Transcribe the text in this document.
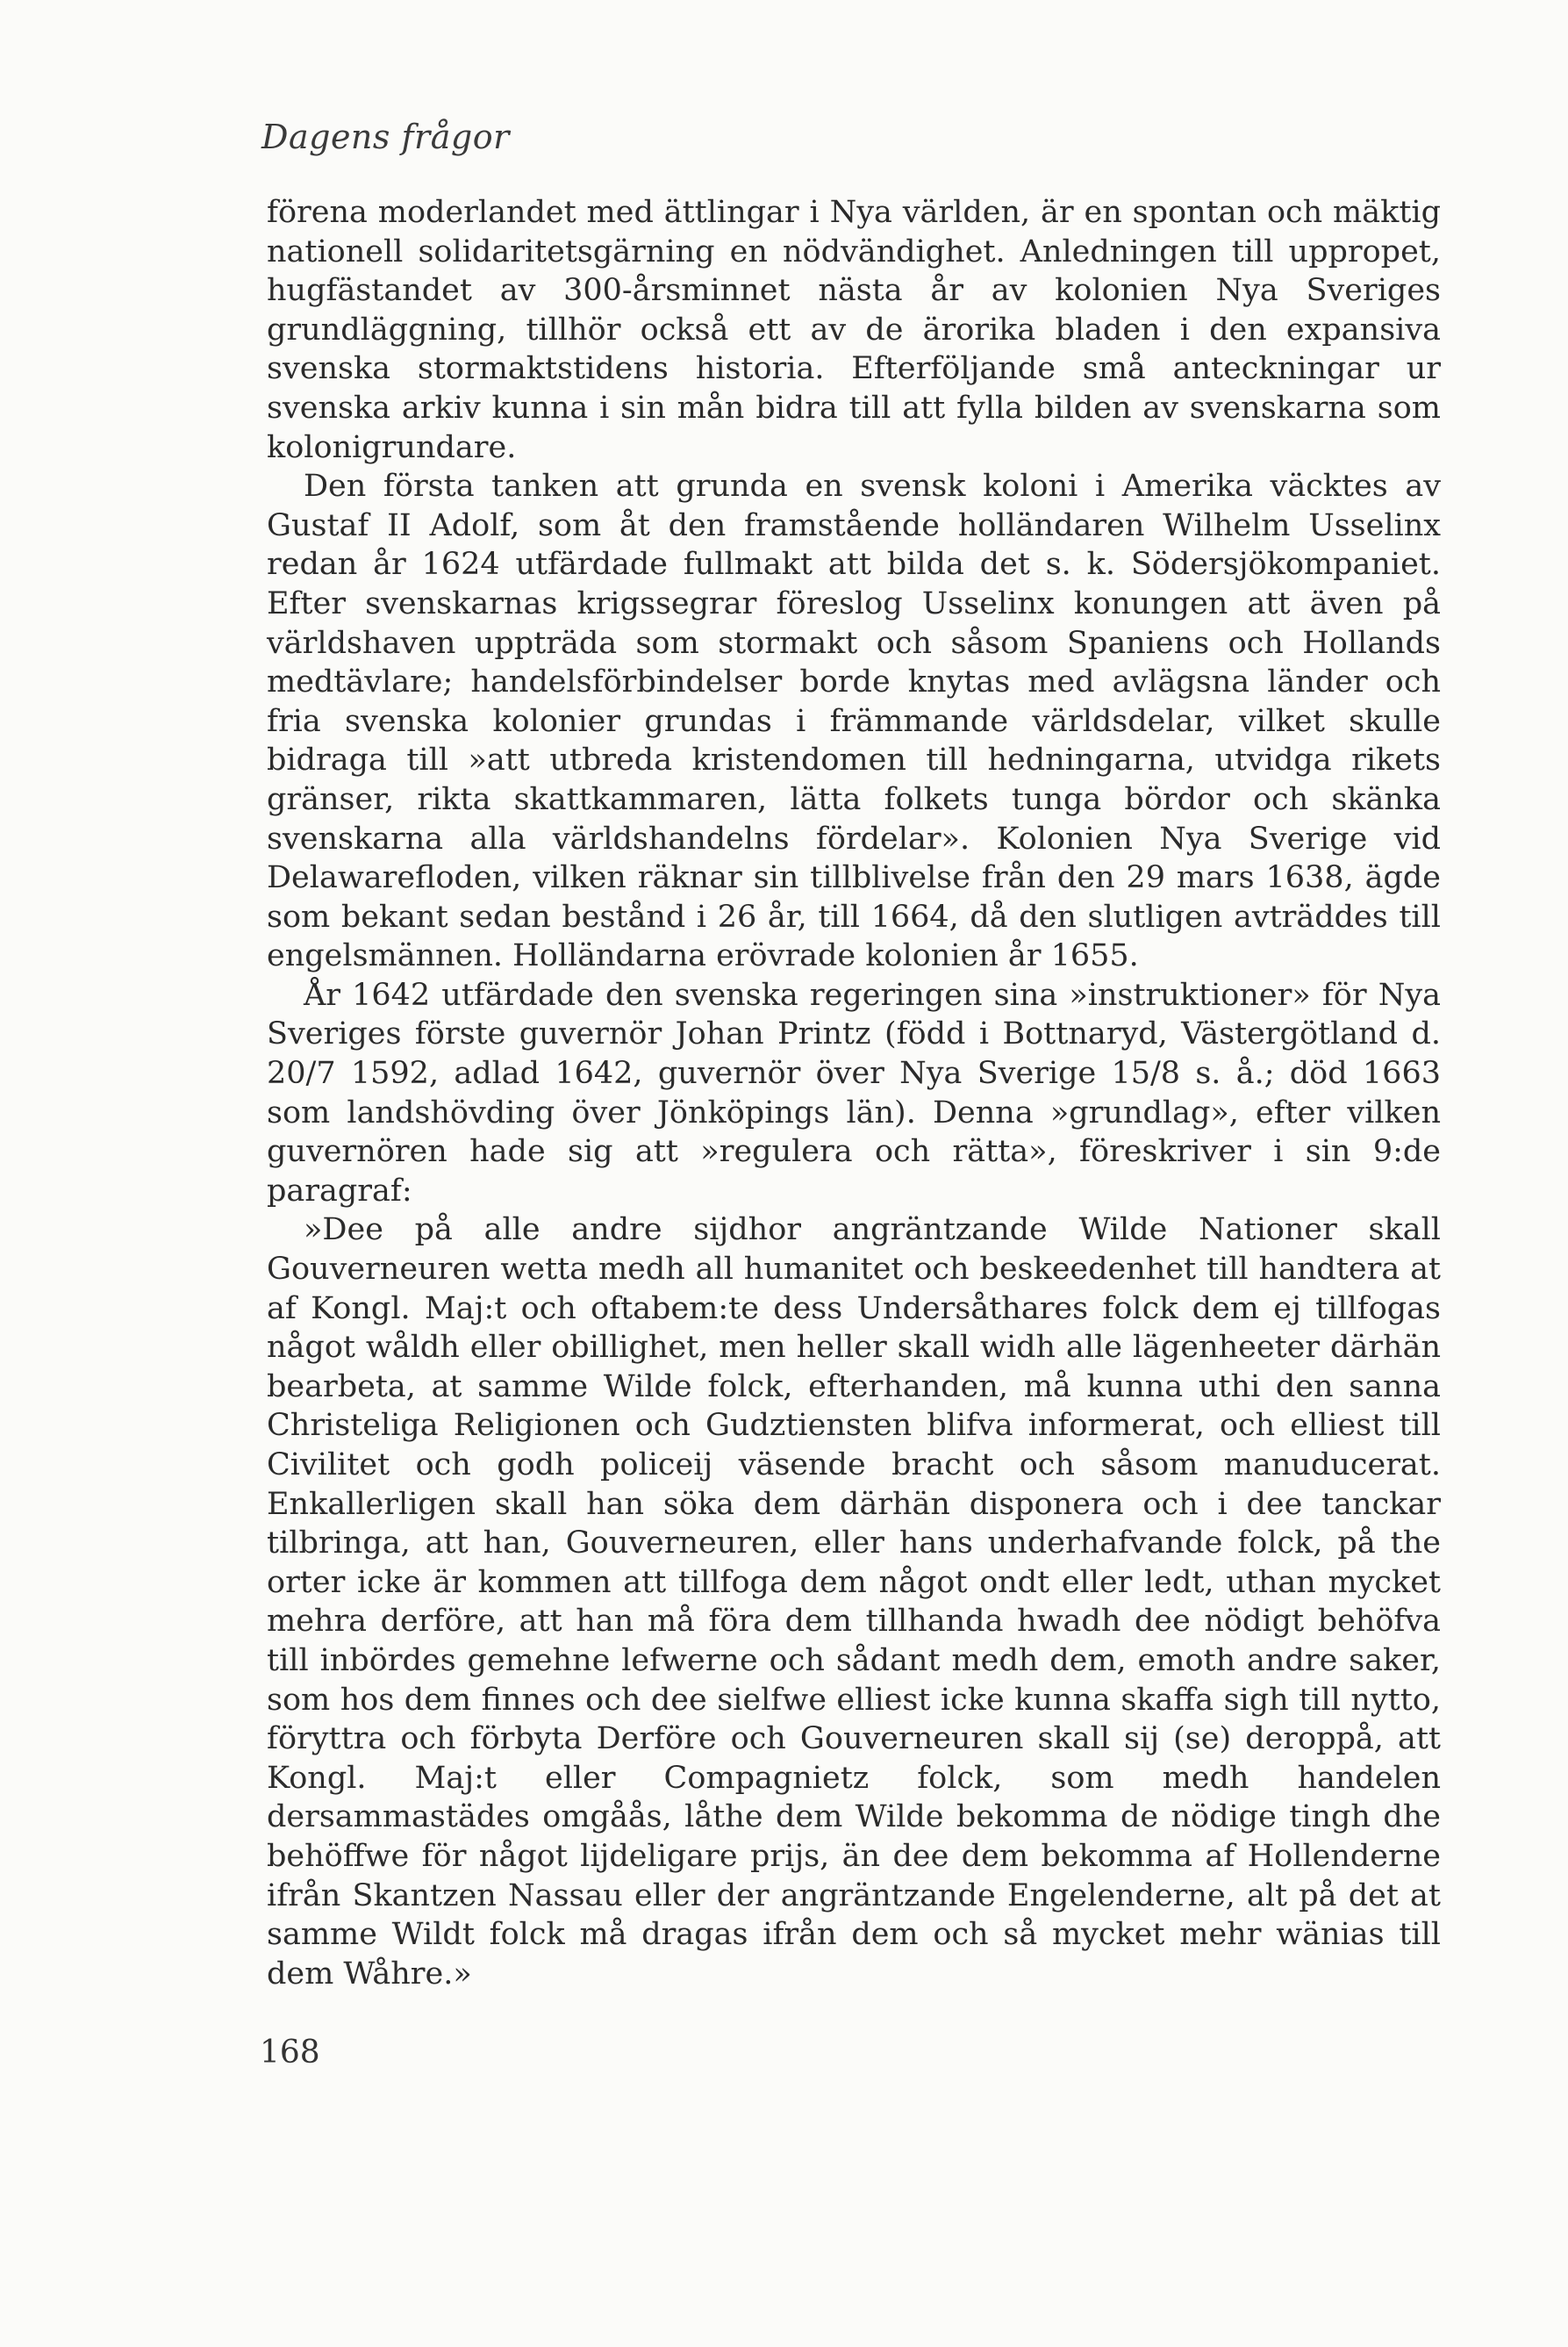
Dagens frågor

förena moderlandet med ättlingar i Nya världen, är en spontan och mäktig nationell solidaritetsgärning en nödvändighet. Anledningen till uppropet, hugfästandet av 300-årsminnet nästa år av kolonien Nya Sveriges grundläggning, tillhör också ett av de ärorika bladen i den expansiva svenska stormaktstidens historia. Efterföljande små anteckningar ur svenska arkiv kunna i sin mån bidra till att fylla bilden av svenskarna som kolonigrundare.

Den första tanken att grunda en svensk koloni i Amerika väcktes av Gustaf II Adolf, som åt den framstående holländaren Wilhelm Usselinx redan år 1624 utfärdade fullmakt att bilda det s. k. Södersjökompaniet. Efter svenskarnas krigssegrar föreslog Usselinx konungen att även på världshaven uppträda som stormakt och såsom Spaniens och Hollands medtävlare; handelsförbindelser borde knytas med avlägsna länder och fria svenska kolonier grundas i främmande världsdelar, vilket skulle bidraga till »att utbreda kristendomen till hedningarna, utvidga rikets gränser, rikta skattkammaren, lätta folkets tunga bördor och skänka svenskarna alla världshandelns fördelar». Kolonien Nya Sverige vid Delawarefloden, vilken räknar sin tillblivelse från den 29 mars 1638, ägde som bekant sedan bestånd i 26 år, till 1664, då den slutligen avträddes till engelsmännen. Holländarna erövrade kolonien år 1655.

År 1642 utfärdade den svenska regeringen sina »instruktioner» för Nya Sveriges förste guvernör Johan Printz (född i Bottnaryd, Västergötland d. 20/7 1592, adlad 1642, guvernör över Nya Sverige 15/8 s. å.; död 1663 som landshövding över Jönköpings län). Denna »grundlag», efter vilken guvernören hade sig att »regulera och rätta», föreskriver i sin 9:de paragraf:

»Dee på alle andre sijdhor angräntzande Wilde Nationer skall Gouverneuren wetta medh all humanitet och beskeedenhet till handtera at af Kongl. Maj:t och oftabem:te dess Undersåthares folck dem ej tillfogas något wåldh eller obillighet, men heller skall widh alle lägenheeter därhän bearbeta, at samme Wilde folck, efterhanden, må kunna uthi den sanna Christeliga Religionen och Gudztiensten blifva informerat, och elliest till Civilitet och godh policeij väsende bracht och såsom manuducerat. Enkallerligen skall han söka dem därhän disponera och i dee tanckar tilbringa, att han, Gouverneuren, eller hans underhafvande folck, på the orter icke är kommen att tillfoga dem något ondt eller ledt, uthan mycket mehra derföre, att han må föra dem tillhanda hwadh dee nödigt behöfva till inbördes gemehne lefwerne och sådant medh dem, emoth andre saker, som hos dem finnes och dee sielfwe elliest icke kunna skaffa sigh till nytto, föryttra och förbyta Derföre och Gouverneuren skall sij (se) deroppå, att Kongl. Maj:t eller Compagnietz folck, som medh handelen dersammastädes omgåås, låthe dem Wilde bekomma de nödige tingh dhe behöffwe för något lijdeligare prijs, än dee dem bekomma af Hollenderne ifrån Skantzen Nassau eller der angräntzande Engelenderne, alt på det at samme Wildt folck må dragas ifrån dem och så mycket mehr wänias till dem Wåhre.»

168
